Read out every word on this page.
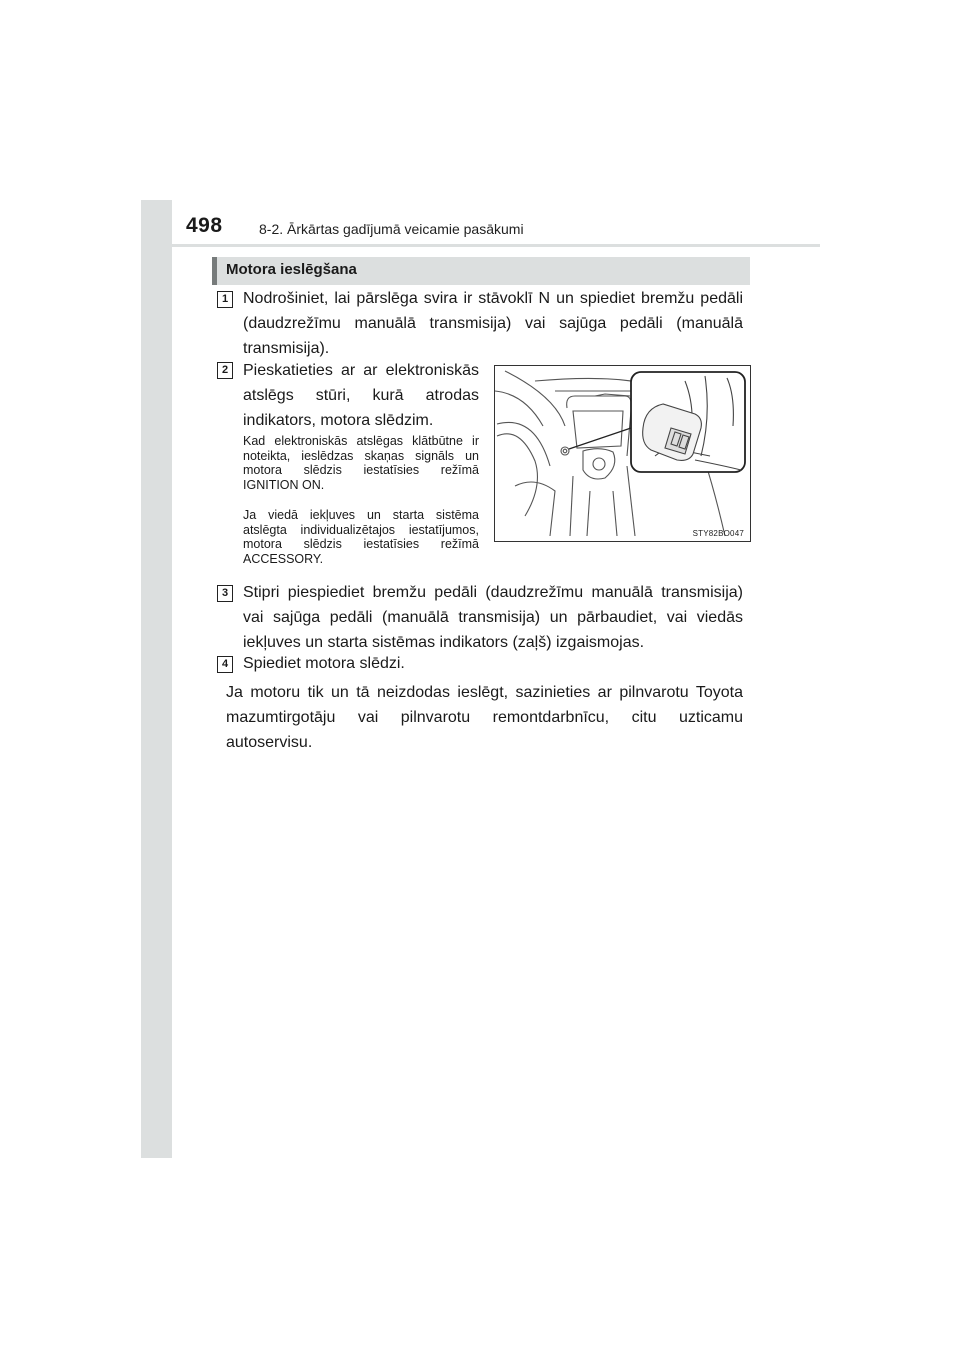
498	8-2. Ārkārtas gadījumā veicamie pasākumi
Motora ieslēgšana
1 Nodrošiniet, lai pārslēga svira ir stāvoklī N un spiediet bremžu pedāli (daudzrežīmu manuālā transmisija) vai sajūga pedāli (manuālā transmisija).
2 Pieskatieties ar ar elektroniskās atslēgs stūri, kurā atrodas indikators, motora slēdzim.
Kad elektroniskās atslēgas klātbūtne ir noteikta, ieslēdzas skaņas signāls un motora slēdzis iestatīsies režīmā IGNITION ON.
Ja viedā iekļuves un starta sistēma atslēgta individualizētajos iestatījumos, motora slēdzis iestatīsies režīmā ACCESSORY.
STY82BO047
3 Stipri piespiediet bremžu pedāli (daudzrežīmu manuālā transmisija) vai sajūga pedāli (manuālā transmisija) un pārbaudiet, vai viedās iekļuves un starta sistēmas indikators (zaļš) izgaismojas.
4 Spiediet motora slēdzi.
Ja motoru tik un tā neizdodas ieslēgt, sazinieties ar pilnvarotu Toyota mazumtirgotāju vai pilnvarotu remontdarbnīcu, citu uzticamu autoservisu.
